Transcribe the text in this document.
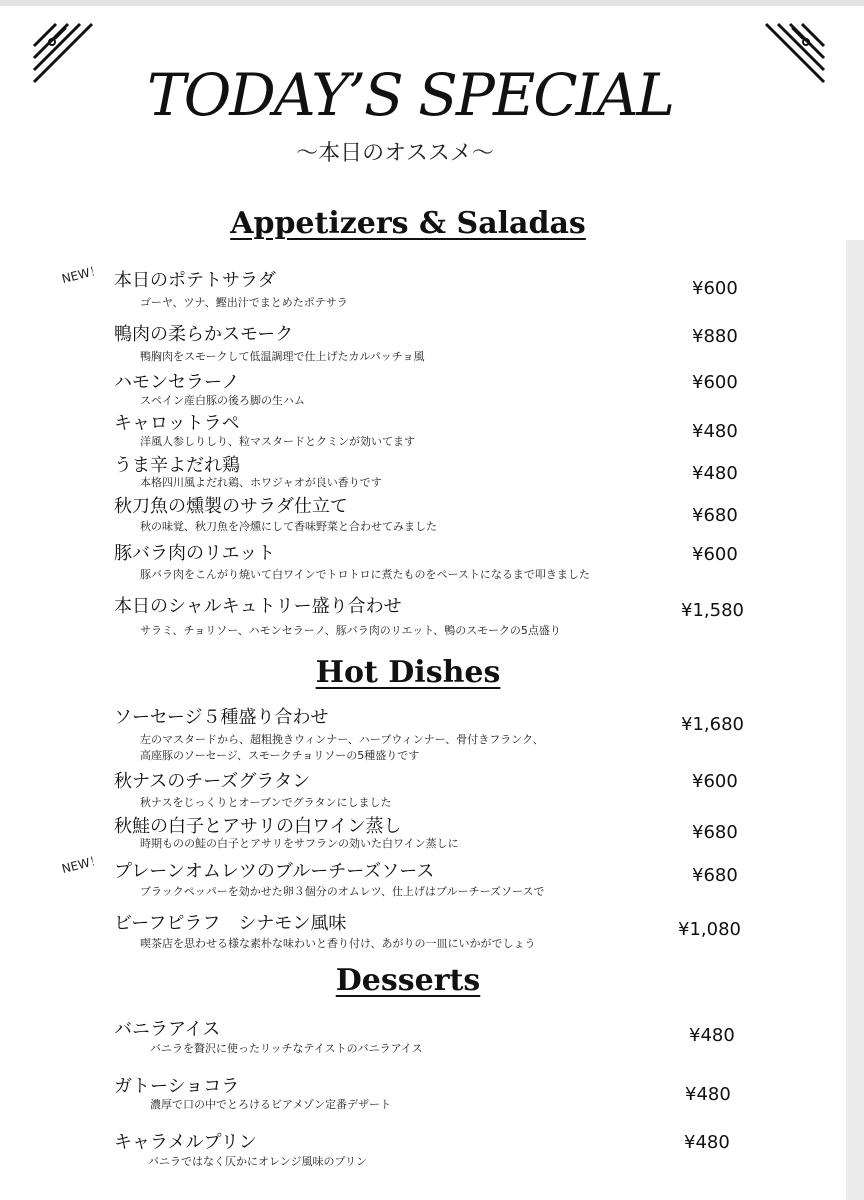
TODAY’S SPECIAL
〜本日のオススメ〜
Appetizers & Saladas
NEW！ 本日のポテトサラダ
ゴーヤ、ツナ、鰹出汁でまとめたポテサラ
¥600
鴨肉の柔らかスモーク
鴨胸肉をスモークして低温調理で仕上げたカルパッチョ風
¥880
ハモンセラーノ
スペイン産白豚の後ろ脚の生ハム
¥600
キャロットラペ
洋風人参しりしり、粒マスタードとクミンが効いてます	¥480
うま辛よだれ鶏
本格四川風よだれ鶏、ホワジャオが良い香りです	¥480
秋刀魚の燻製のサラダ仕立て
秋の味覚、秋刀魚を冷燻にして香味野菜と合わせてみました
¥680
豚バラ肉のリエット
豚バラ肉をこんがり焼いて白ワインでトロトロに煮たものをペーストになるまで叩きました
¥600
本日のシャルキュトリー盛り合わせ
サラミ、チョリソー、ハモンセラーノ、豚バラ肉のリエット、鴨のスモークの5点盛り
¥1,580
Hot Dishes
ソーセージ５種盛り合わせ
左のマスタードから、超粗挽きウィンナー、ハーブウィンナー、骨付きフランク、
高座豚のソーセージ、スモークチョリソーの5種盛りです
¥1,680
秋ナスのチーズグラタン
秋ナスをじっくりとオーブンでグラタンにしました
¥600
秋鮭の白子とアサリの白ワイン蒸し
時期ものの鮭の白子とアサリをサフランの効いた白ワイン蒸しに
¥680
NEW！ プレーンオムレツのブルーチーズソース
ブラックペッパーを効かせた卵３個分のオムレツ、仕上げはブルーチーズソースで
¥680
ビーフピラフ　シナモン風味
喫茶店を思わせる様な素朴な味わいと香り付け、あがりの一皿にいかがでしょう
¥1,080
Desserts
バニラアイス
バニラを贅沢に使ったリッチなテイストのバニラアイス
¥480
ガトーショコラ
濃厚で口の中でとろけるビアメゾン定番デザート	¥480
キャラメルプリン
バニラではなく仄かにオレンジ風味のプリン
¥480
